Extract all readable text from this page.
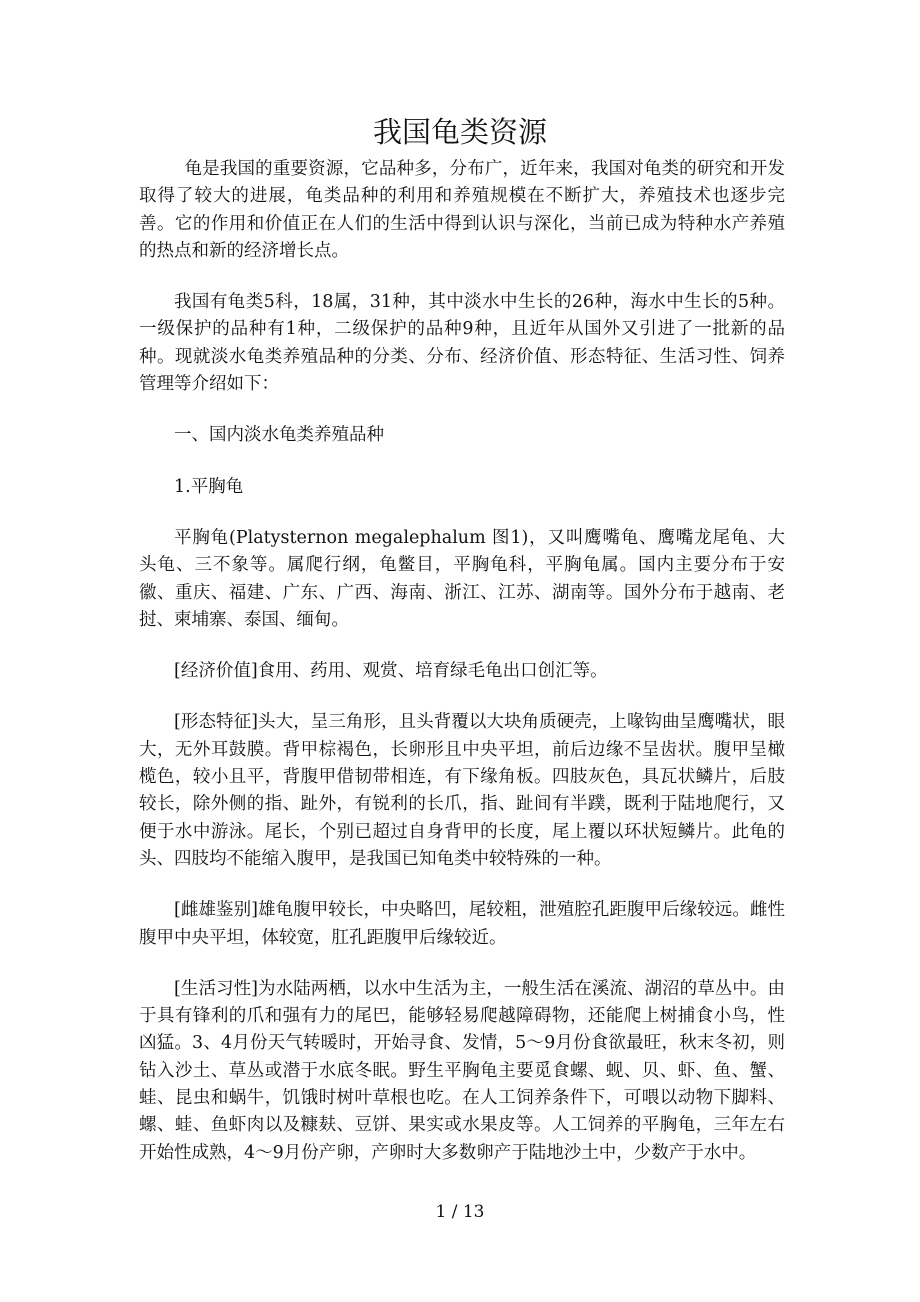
我国龟类资源

龟是我国的重要资源，它品种多，分布广，近年来，我国对龟类的研究和开发取得了较大的进展，龟类品种的利用和养殖规模在不断扩大，养殖技术也逐步完善。它的作用和价值正在人们的生活中得到认识与深化，当前已成为特种水产养殖的热点和新的经济增长点。

我国有龟类5科，18属，31种，其中淡水中生长的26种，海水中生长的5种。一级保护的品种有1种，二级保护的品种9种，且近年从国外又引进了一批新的品种。现就淡水龟类养殖品种的分类、分布、经济价值、形态特征、生活习性、饲养管理等介绍如下：

一、国内淡水龟类养殖品种

1.平胸龟

平胸龟(Platysternon megalephalum 图1)，又叫鹰嘴龟、鹰嘴龙尾龟、大头龟、三不象等。属爬行纲，龟鳖目，平胸龟科，平胸龟属。国内主要分布于安徽、重庆、福建、广东、广西、海南、浙江、江苏、湖南等。国外分布于越南、老挝、柬埔寨、泰国、缅甸。

[经济价值]食用、药用、观赏、培育绿毛龟出口创汇等。

[形态特征]头大，呈三角形，且头背覆以大块角质硬壳，上喙钩曲呈鹰嘴状，眼大，无外耳鼓膜。背甲棕褐色，长卵形且中央平坦，前后边缘不呈齿状。腹甲呈橄榄色，较小且平，背腹甲借韧带相连，有下缘角板。四肢灰色，具瓦状鳞片，后肢较长，除外侧的指、趾外，有锐利的长爪，指、趾间有半蹼，既利于陆地爬行，又便于水中游泳。尾长，个别已超过自身背甲的长度，尾上覆以环状短鳞片。此龟的头、四肢均不能缩入腹甲，是我国已知龟类中较特殊的一种。

[雌雄鉴别]雄龟腹甲较长，中央略凹，尾较粗，泄殖腔孔距腹甲后缘较远。雌性腹甲中央平坦，体较宽，肛孔距腹甲后缘较近。

[生活习性]为水陆两栖，以水中生活为主，一般生活在溪流、湖沼的草丛中。由于具有锋利的爪和强有力的尾巴，能够轻易爬越障碍物，还能爬上树捕食小鸟，性凶猛。3、4月份天气转暖时，开始寻食、发情，5～9月份食欲最旺，秋末冬初，则钻入沙土、草丛或潜于水底冬眠。野生平胸龟主要觅食螺、蚬、贝、虾、鱼、蟹、蛙、昆虫和蜗牛，饥饿时树叶草根也吃。在人工饲养条件下，可喂以动物下脚料、螺、蛙、鱼虾肉以及糠麸、豆饼、果实或水果皮等。人工饲养的平胸龟，三年左右开始性成熟，4～9月份产卵，产卵时大多数卵产于陆地沙土中，少数产于水中。

1 / 13
